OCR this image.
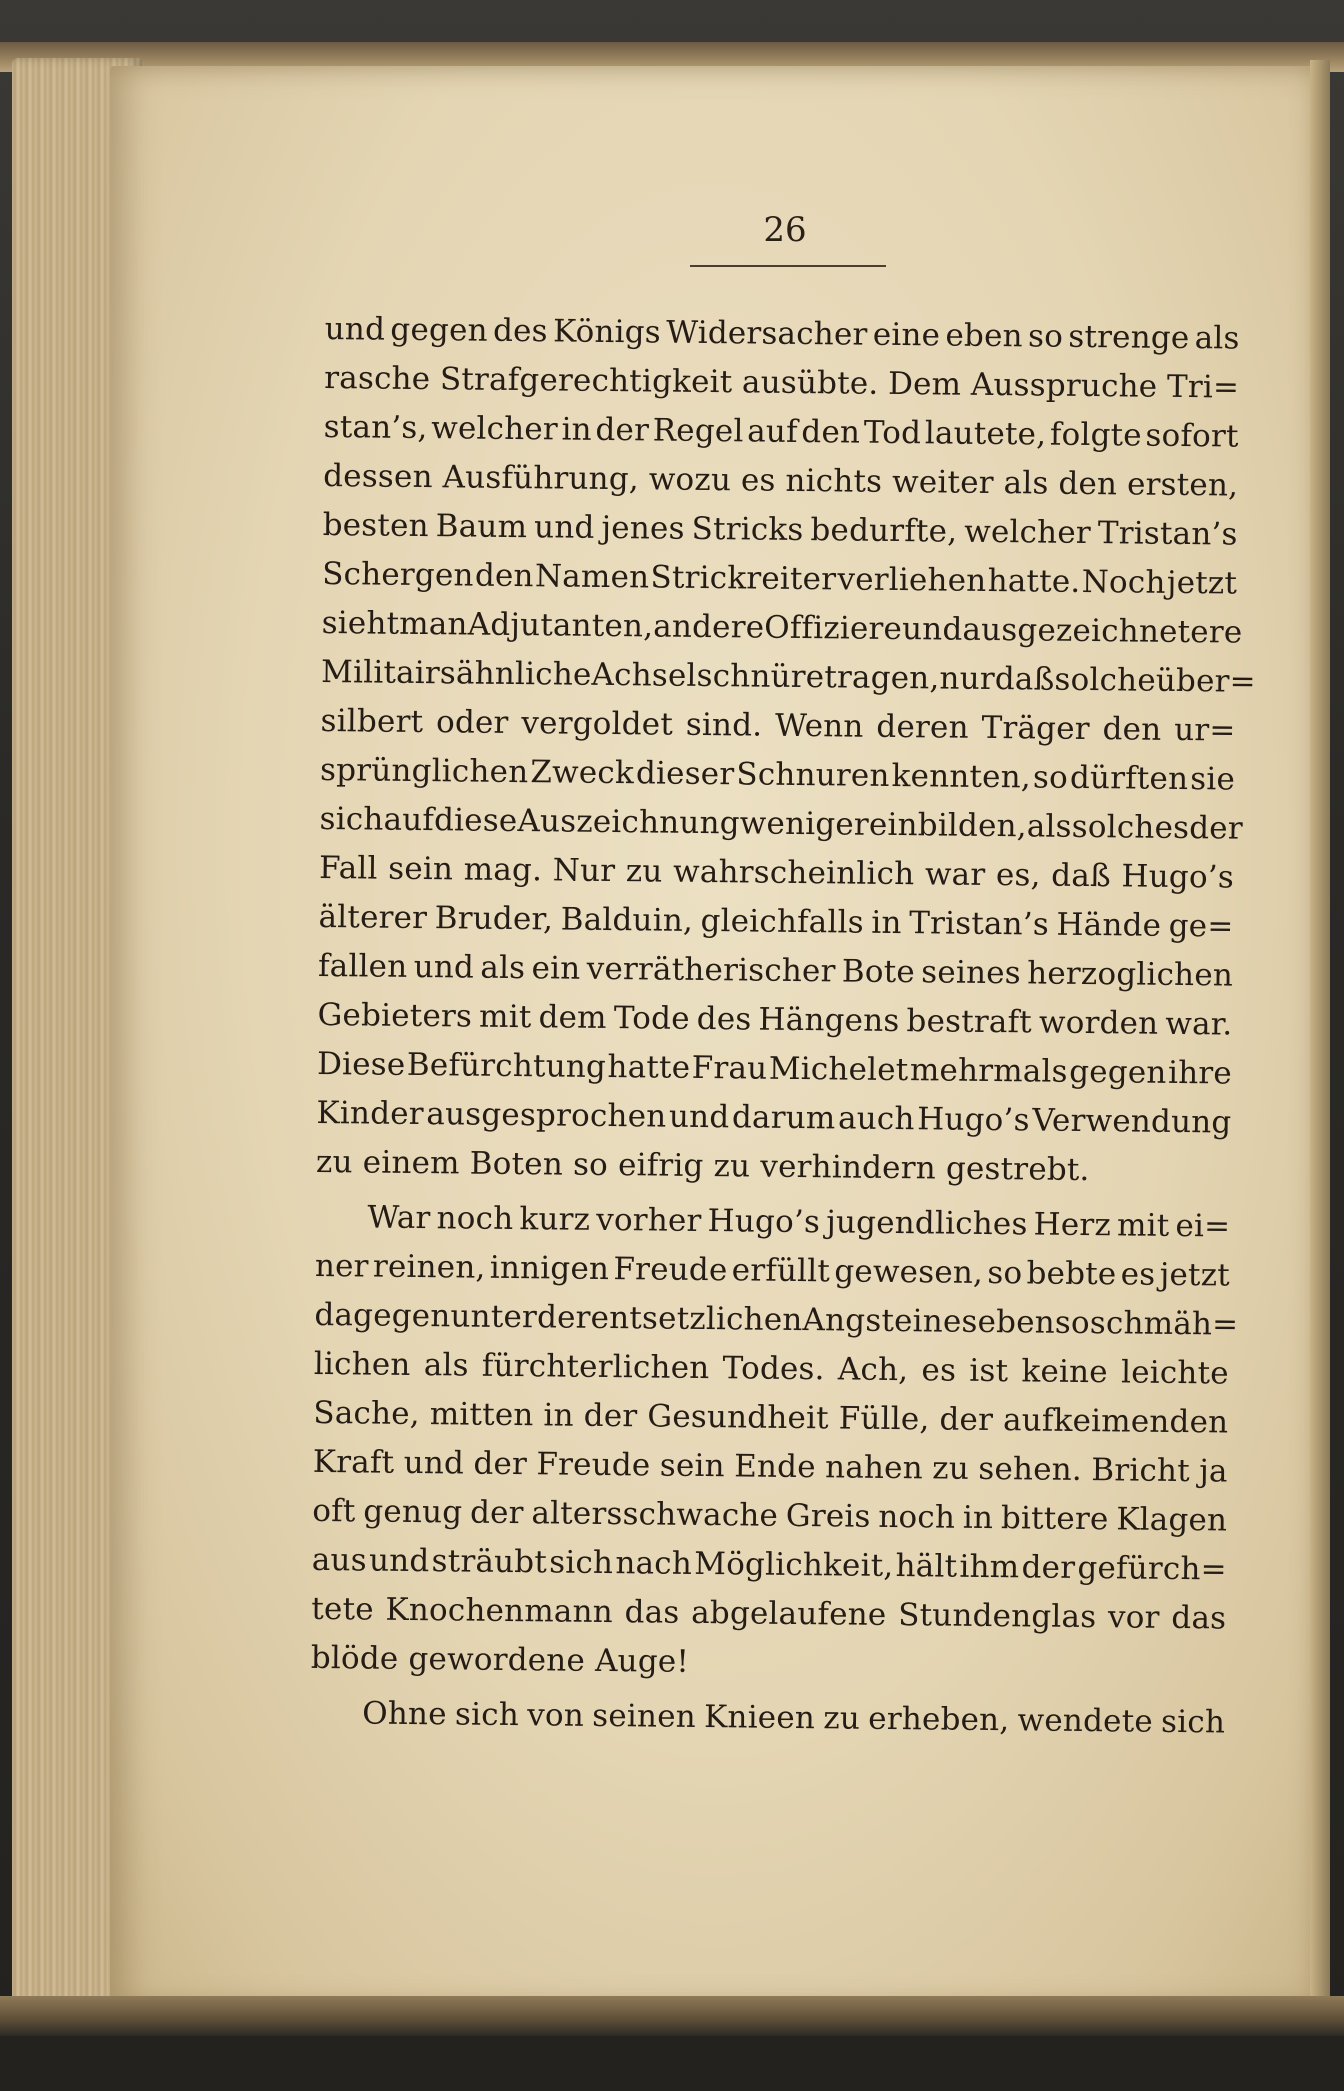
26
und gegen des Königs Widersacher eine eben so strenge als
rasche Strafgerechtigkeit ausübte. Dem Ausspruche Tri=
stan’s, welcher in der Regel auf den Tod lautete, folgte sofort
dessen Ausführung, wozu es nichts weiter als den ersten,
besten Baum und jenes Stricks bedurfte, welcher Tristan’s
Schergen den Namen Strickreiter verliehen hatte. Noch jetzt
sieht man Adjutanten, andere Offiziere und ausgezeichnetere
Militairs ähnliche Achselschnüre tragen, nur daß solche über=
silbert oder vergoldet sind. Wenn deren Träger den ur=
sprünglichen Zweck dieser Schnuren kennten, so dürften sie
sich auf diese Auszeichnung weniger einbilden, als solches der
Fall sein mag. Nur zu wahrscheinlich war es, daß Hugo’s
älterer Bruder, Balduin, gleichfalls in Tristan’s Hände ge=
fallen und als ein verrätherischer Bote seines herzoglichen
Gebieters mit dem Tode des Hängens bestraft worden war.
Diese Befürchtung hatte Frau Michelet mehrmals gegen ihre
Kinder ausgesprochen und darum auch Hugo’s Verwendung
zu einem Boten so eifrig zu verhindern gestrebt.
War noch kurz vorher Hugo’s jugendliches Herz mit ei=
ner reinen, innigen Freude erfüllt gewesen, so bebte es jetzt
dagegen unter der entsetzlichen Angst eines eben so schmäh=
lichen als fürchterlichen Todes. Ach, es ist keine leichte
Sache, mitten in der Gesundheit Fülle, der aufkeimenden
Kraft und der Freude sein Ende nahen zu sehen. Bricht ja
oft genug der altersschwache Greis noch in bittere Klagen
aus und sträubt sich nach Möglichkeit, hält ihm der gefürch=
tete Knochenmann das abgelaufene Stundenglas vor das
blöde gewordene Auge!
Ohne sich von seinen Knieen zu erheben, wendete sich
